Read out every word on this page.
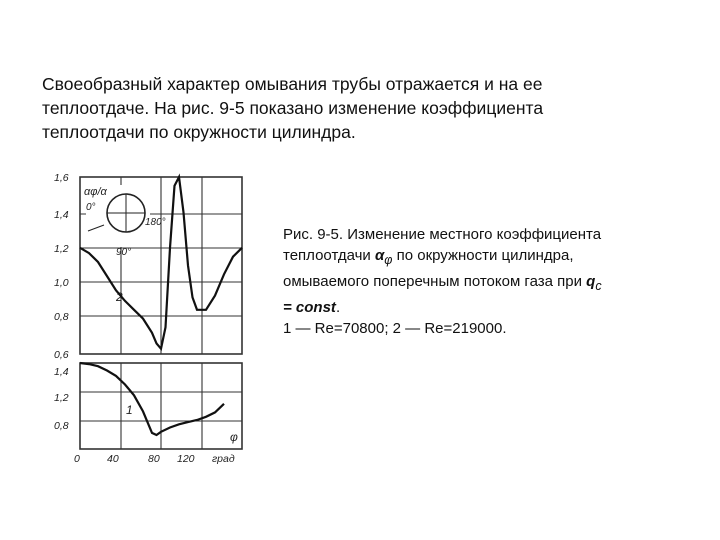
Своеобразный характер омывания трубы отражается и на ее
теплоотдаче. На рис. 9-5 показано изменение коэффициента
теплоотдачи по окружности цилиндра.
1,6
1,4
1,2
1,0
0,8
0,6
1,4
1,2
0,8
0	40	80 120 град
αφ/α
0°
180°
90°
φ
2
1
Рис. 9-5. Изменение местного коэффициента
теплоотдачи $\alpha_\varphi$ по окружности цилиндра,
омываемого поперечным потоком газа при $q_c$
= const.
1 — Re=70800; 2 — Re=219000.
